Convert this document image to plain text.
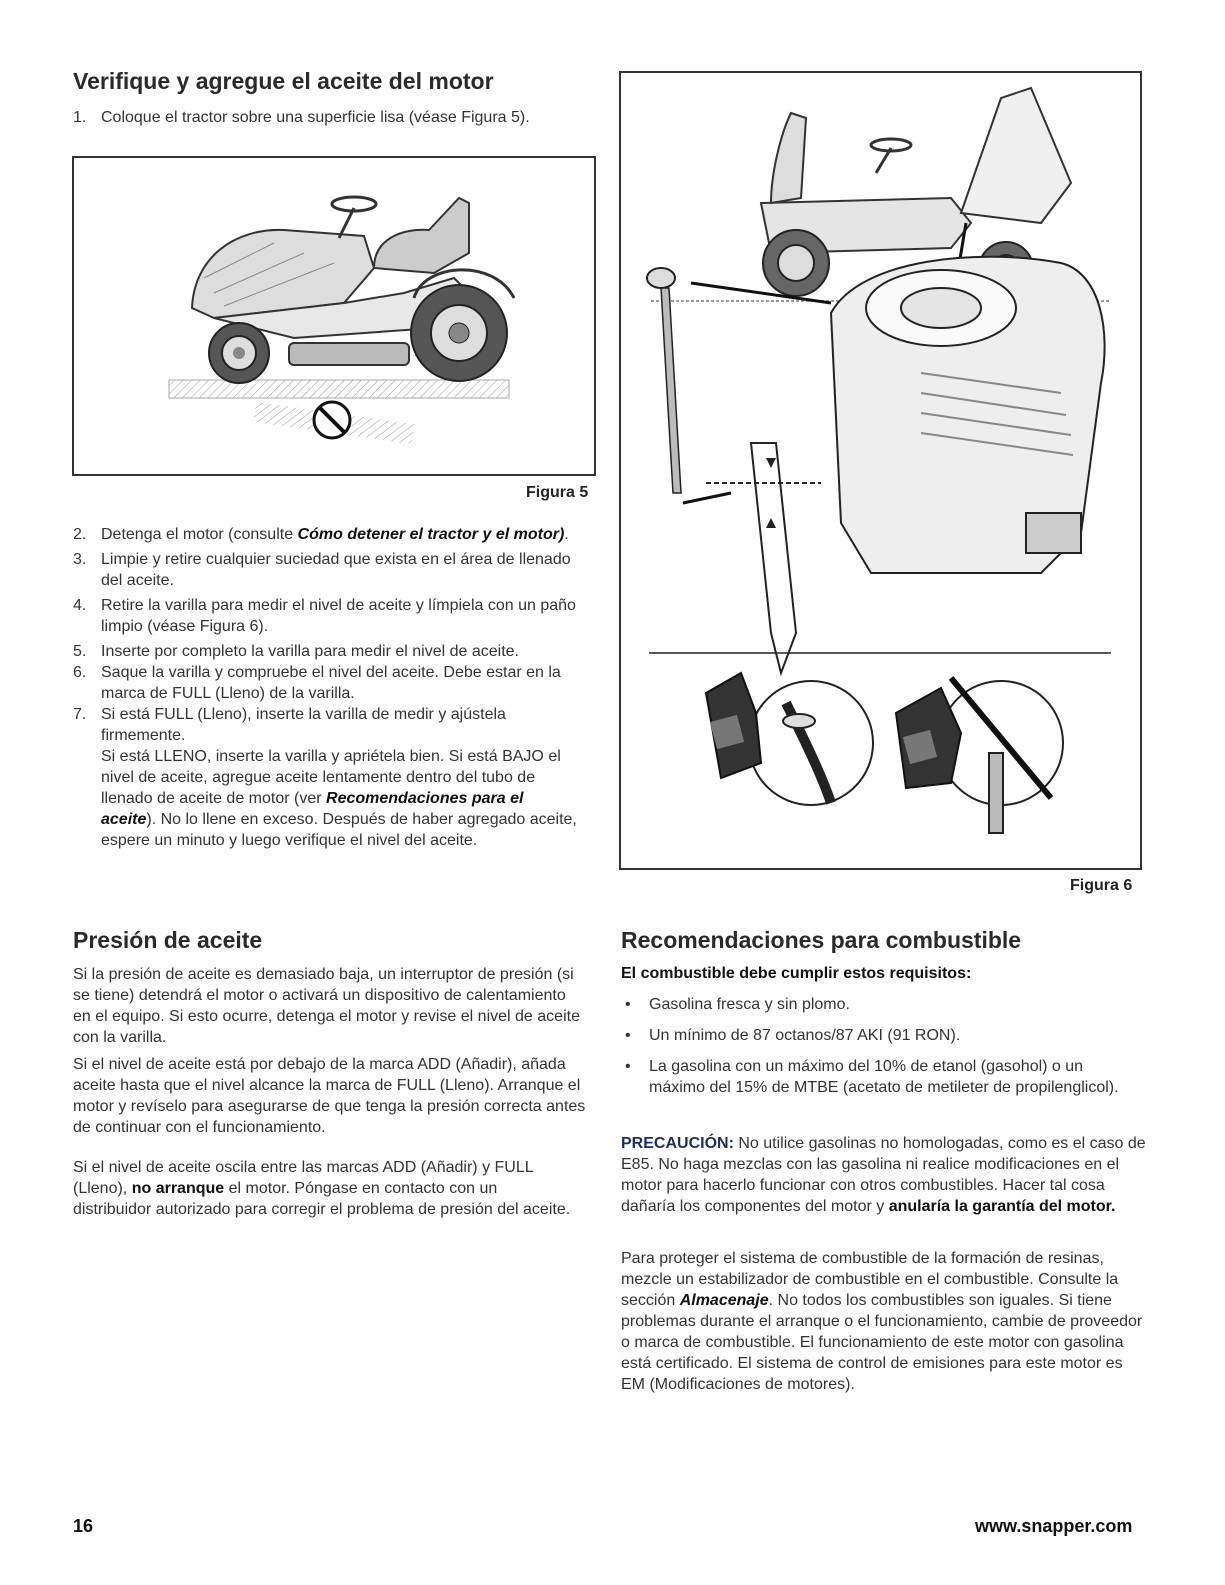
Verifique y agregue el aceite del motor
1. Coloque el tractor sobre una superficie lisa (véase Figura 5).
Figura 5
2. Detenga el motor (consulte Cómo detener el tractor y el motor).
3. Limpie y retire cualquier suciedad que exista en el área de llenado del aceite.
4. Retire la varilla para medir el nivel de aceite y límpiela con un paño limpio (véase Figura 6).
5. Inserte por completo la varilla para medir el nivel de aceite.
6. Saque la varilla y compruebe el nivel del aceite. Debe estar en la marca de FULL (Lleno) de la varilla.
7. Si está FULL (Lleno), inserte la varilla de medir y ajústela firmemente.
Si está LLENO, inserte la varilla y apriétela bien. Si está BAJO el nivel de aceite, agregue aceite lentamente dentro del tubo de llenado de aceite de motor (ver Recomendaciones para el aceite). No lo llene en exceso. Después de haber agregado aceite, espere un minuto y luego verifique el nivel del aceite.
Presión de aceite

Si la presión de aceite es demasiado baja, un interruptor de presión (si se tiene) detendrá el motor o activará un dispositivo de calentamiento en el equipo. Si esto ocurre, detenga el motor y revise el nivel de aceite con la varilla.

Si el nivel de aceite está por debajo de la marca ADD (Añadir), añada aceite hasta que el nivel alcance la marca de FULL (Lleno). Arranque el motor y revíselo para asegurarse de que tenga la presión correcta antes de continuar con el funcionamiento.

Si el nivel de aceite oscila entre las marcas ADD (Añadir) y FULL (Lleno), no arranque el motor. Póngase en contacto con un distribuidor autorizado para corregir el problema de presión del aceite.

Figura 6
Recomendaciones para combustible

El combustible debe cumplir estos requisitos:

• Gasolina fresca y sin plomo.
• Un mínimo de 87 octanos/87 AKI (91 RON).
• La gasolina con un máximo del 10% de etanol (gasohol) o un máximo del 15% de MTBE (acetato de metileter de propilenglicol).

PRECAUCIÓN: No utilice gasolinas no homologadas, como es el caso de E85. No haga mezclas con las gasolina ni realice modificaciones en el motor para hacerlo funcionar con otros combustibles. Hacer tal cosa dañaría los componentes del motor y anularía la garantía del motor.

Para proteger el sistema de combustible de la formación de resinas, mezcle un estabilizador de combustible en el combustible. Consulte la sección Almacenaje. No todos los combustibles son iguales. Si tiene problemas durante el arranque o el funcionamiento, cambie de proveedor o marca de combustible. El funcionamiento de este motor con gasolina está certificado. El sistema de control de emisiones para este motor es EM (Modificaciones de motores).

16	www.snapper.com
